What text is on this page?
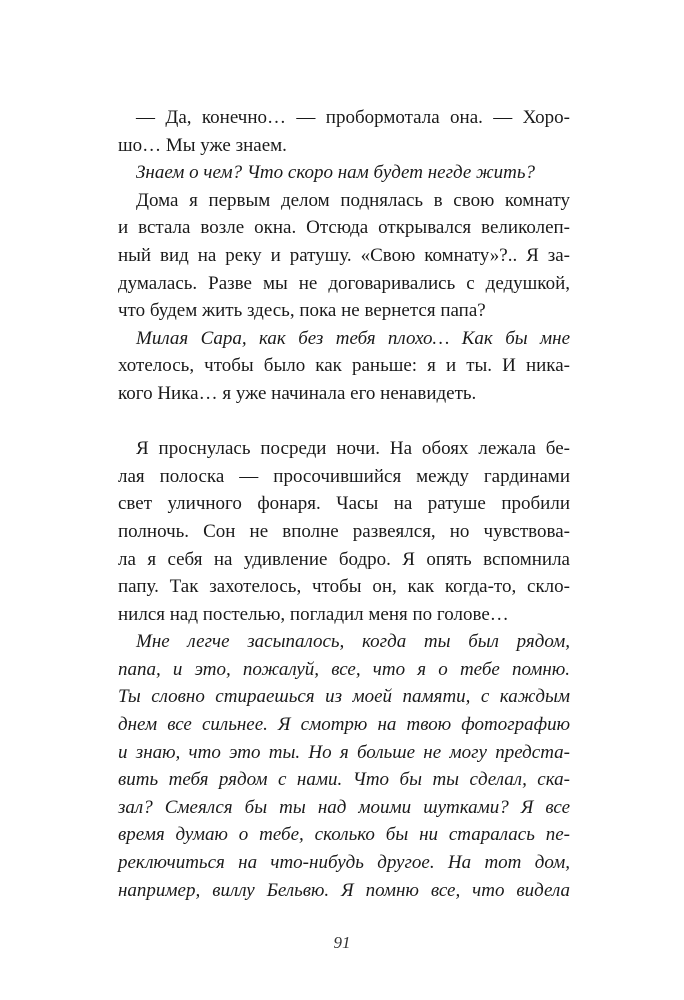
— Да, конечно… — пробормотала она. — Хоро-
шо… Мы уже знаем.
Знаем о чем? Что скоро нам будет негде жить?
Дома я первым делом поднялась в свою комнату
и встала возле окна. Отсюда открывался великолеп-
ный вид на реку и ратушу. «Свою комнату»?.. Я за-
думалась. Разве мы не договаривались с дедушкой,
что будем жить здесь, пока не вернется папа?
Милая Сара, как без тебя плохо… Как бы мне
хотелось, чтобы было как раньше: я и ты. И ника-
кого Ника… я уже начинала его ненавидеть.
Я проснулась посреди ночи. На обоях лежала бе-
лая полоска — просочившийся между гардинами
свет уличного фонаря. Часы на ратуше пробили
полночь. Сон не вполне развеялся, но чувствова-
ла я себя на удивление бодро. Я опять вспомнила
папу. Так захотелось, чтобы он, как когда-то, скло-
нился над постелью, погладил меня по голове…
Мне легче засыпалось, когда ты был рядом,
папа, и это, пожалуй, все, что я о тебе помню.
Ты словно стираешься из моей памяти, с каждым
днем все сильнее. Я смотрю на твою фотографию
и знаю, что это ты. Но я больше не могу предста-
вить тебя рядом с нами. Что бы ты сделал, ска-
зал? Смеялся бы ты над моими шутками? Я все
время думаю о тебе, сколько бы ни старалась пе-
реключиться на что-нибудь другое. На тот дом,
например, виллу Бельвю. Я помню все, что видела
91
